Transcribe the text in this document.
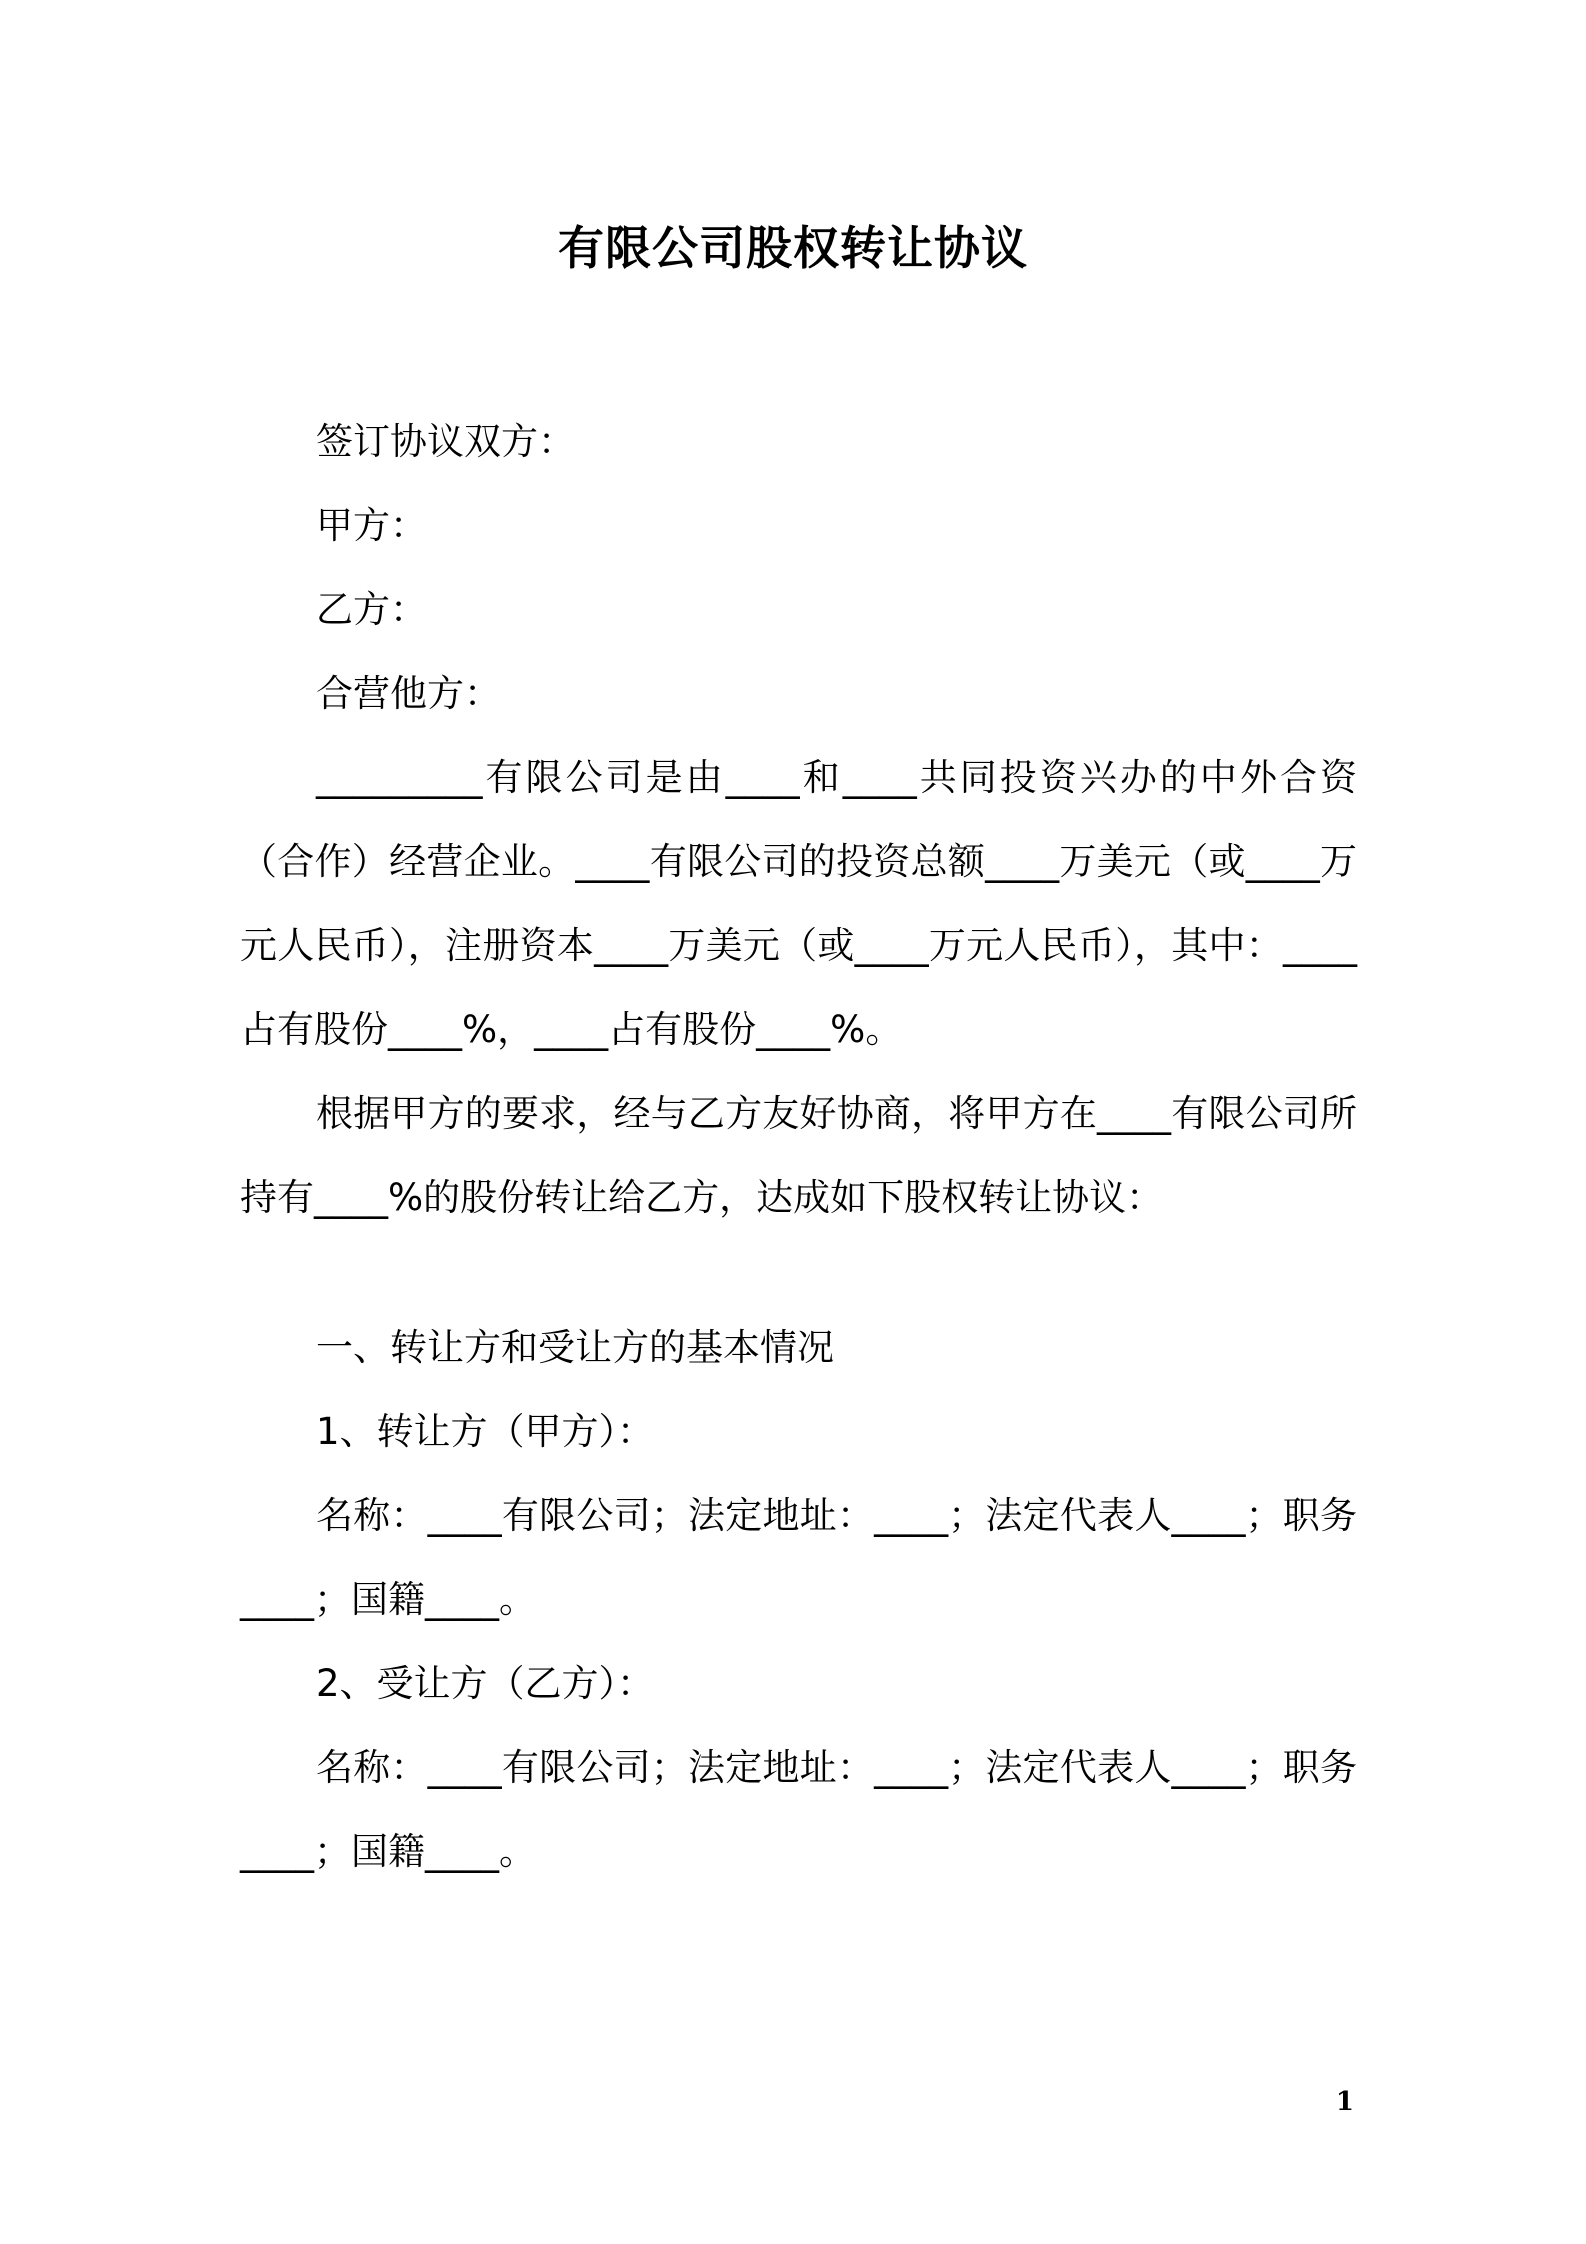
有限公司股权转让协议

签订协议双方：

甲方：

乙方：

合营他方：

_________有限公司是由____和____共同投资兴办的中外合资（合作）经营企业。____有限公司的投资总额____万美元（或____万元人民币），注册资本____万美元（或____万元人民币），其中：____占有股份____%，____占有股份____%。

根据甲方的要求，经与乙方友好协商，将甲方在____有限公司所持有____%的股份转让给乙方，达成如下股权转让协议：

一、转让方和受让方的基本情况

1、转让方（甲方）：

名称：____有限公司；法定地址：____；法定代表人____；职务____；国籍____。

2、受让方（乙方）：

名称：____有限公司；法定地址：____；法定代表人____；职务____；国籍____。

1
